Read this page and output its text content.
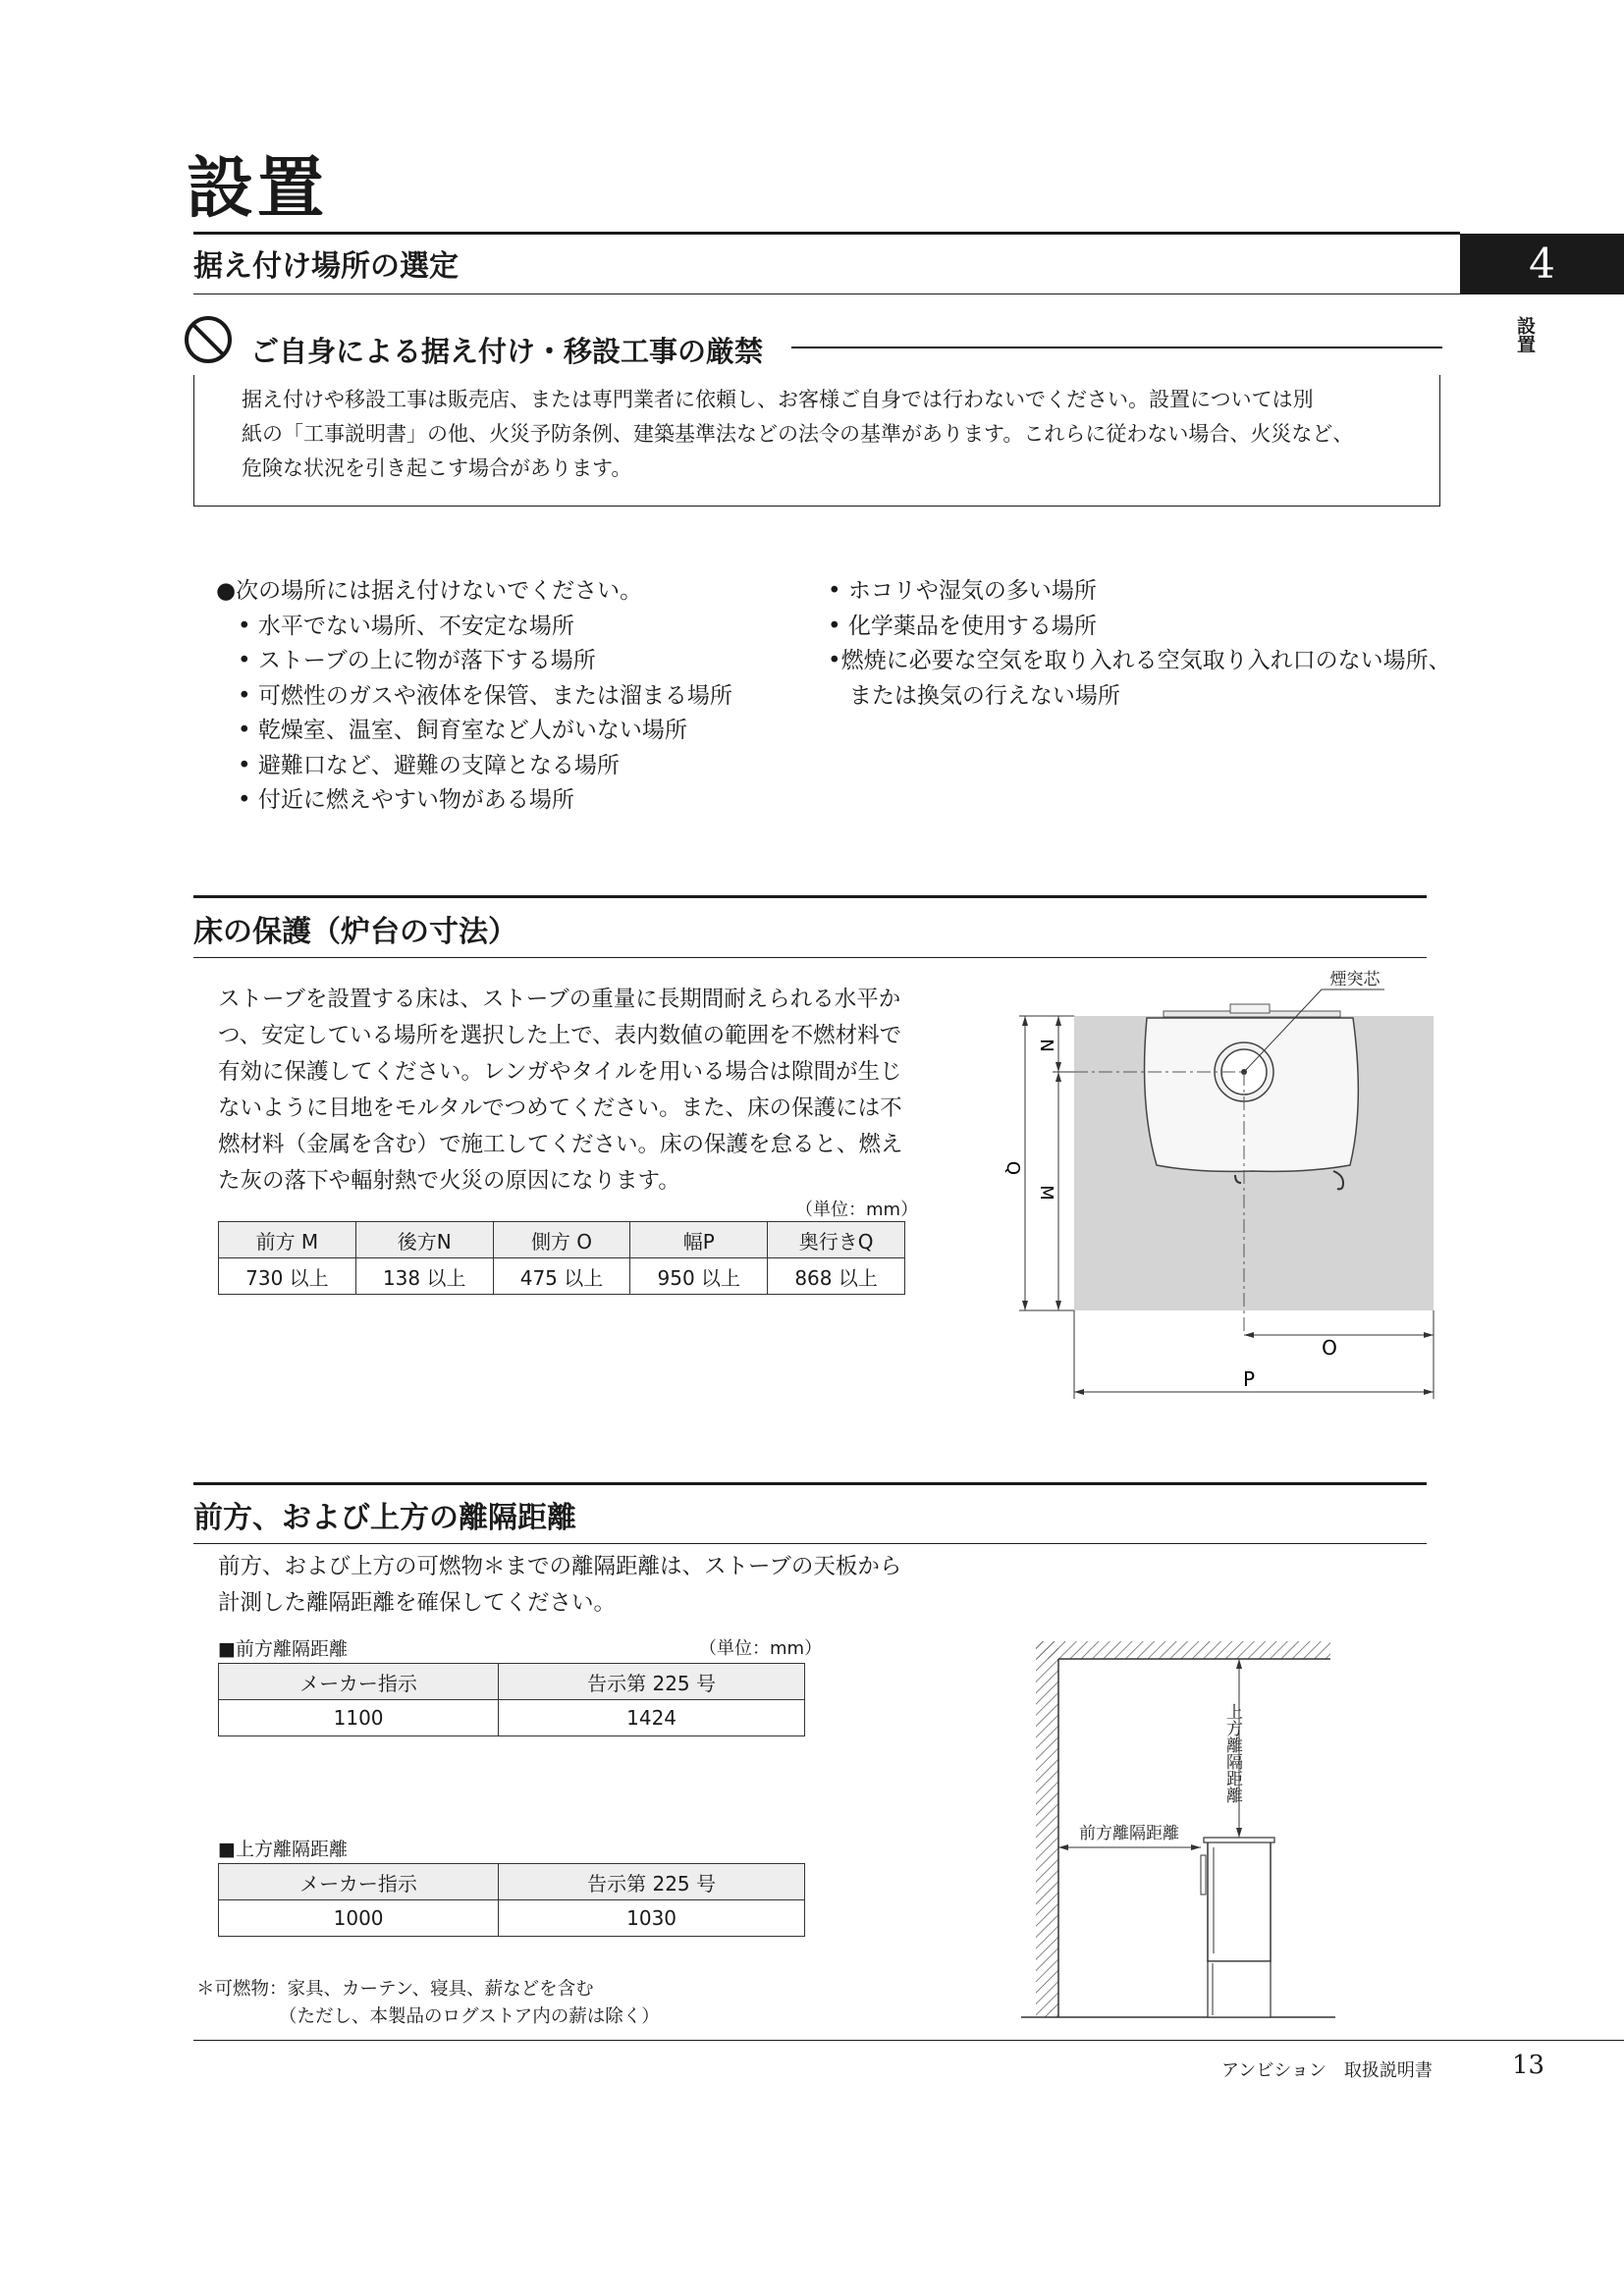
設置
据え付け場所の選定	4
設置
ご自身による据え付け・移設工事の厳禁
据え付けや移設工事は販売店、または専門業者に依頼し、お客様ご自身では行わないでください。設置については別
紙の「工事説明書」の他、火災予防条例、建築基準法などの法令の基準があります。これらに従わない場合、火災など、
危険な状況を引き起こす場合があります。
●次の場所には据え付けないでください。
• 水平でない場所、不安定な場所
• ストーブの上に物が落下する場所
• 可燃性のガスや液体を保管、または溜まる場所
• 乾燥室、温室、飼育室など人がいない場所
• 避難口など、避難の支障となる場所
• 付近に燃えやすい物がある場所
• ホコリや湿気の多い場所
• 化学薬品を使用する場所
•燃焼に必要な空気を取り入れる空気取り入れ口のない場所、
または換気の行えない場所
床の保護（炉台の寸法）
ストーブを設置する床は、ストーブの重量に長期間耐えられる水平か
つ、安定している場所を選択した上で、表内数値の範囲を不燃材料で
有効に保護してください。レンガやタイルを用いる場合は隙間が生じ
ないように目地をモルタルでつめてください。また、床の保護には不
燃材料（金属を含む）で施工してください。床の保護を怠ると、燃え
た灰の落下や輻射熱で火災の原因になります。
（単位：mm）
前方 M	後方N	側方 O	幅P	奥行きQ
730 以上	138 以上	475 以上	950 以上	868 以上
煙突芯
N
M
Q
O
P
前方、および上方の離隔距離
前方、および上方の可燃物＊までの離隔距離は、ストーブの天板から
計測した離隔距離を確保してください。
■前方離隔距離	（単位：mm）
メーカー指示	告示第 225 号
1100	1424
■上方離隔距離
メーカー指示	告示第 225 号
1000	1030
＊可燃物：家具、カーテン、寝具、薪などを含む
（ただし、本製品のログストア内の薪は除く）
上方離隔距離
前方離隔距離
アンビション　取扱説明書	13
